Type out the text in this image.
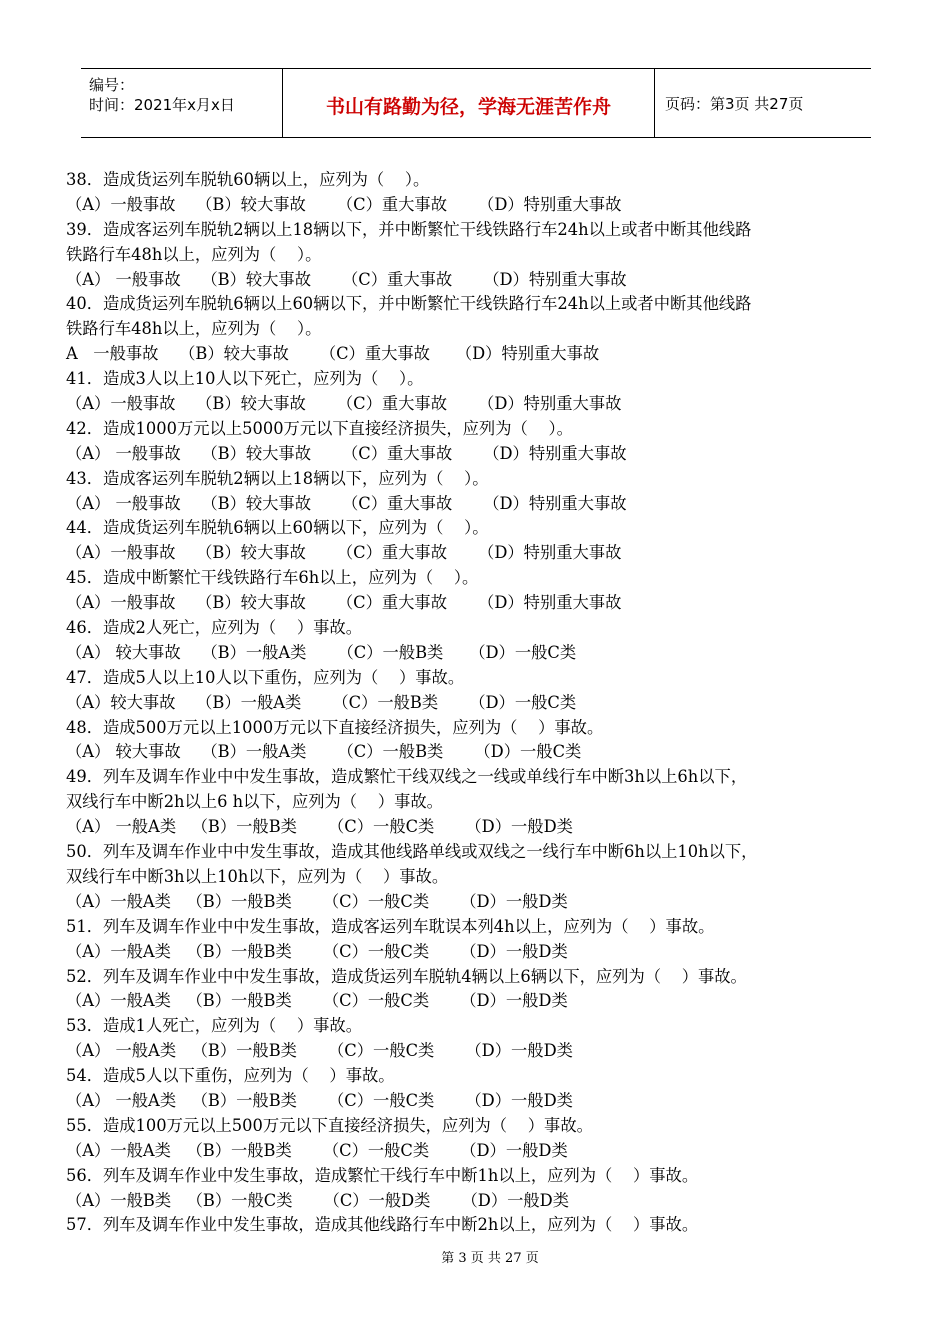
编号：
时间：2021年x月x日	书山有路勤为径，学海无涯苦作舟	页码：第3页 共27页
38．造成货运列车脱轨60辆以上，应列为（    ）。
（A）一般事故    （B）较大事故      （C）重大事故      （D）特别重大事故
39．造成客运列车脱轨2辆以上18辆以下，并中断繁忙干线铁路行车24h以上或者中断其他线路
铁路行车48h以上，应列为（    ）。
（A） 一般事故    （B）较大事故      （C）重大事故      （D）特别重大事故
40．造成货运列车脱轨6辆以上60辆以下，并中断繁忙干线铁路行车24h以上或者中断其他线路
铁路行车48h以上，应列为（    ）。
A   一般事故    （B）较大事故      （C）重大事故     （D）特别重大事故
41．造成3人以上10人以下死亡，应列为（    ）。
（A）一般事故    （B）较大事故      （C）重大事故      （D）特别重大事故
42．造成1000万元以上5000万元以下直接经济损失，应列为（    ）。
（A） 一般事故    （B）较大事故      （C）重大事故      （D）特别重大事故
43．造成客运列车脱轨2辆以上18辆以下，应列为（    ）。
（A） 一般事故    （B）较大事故      （C）重大事故      （D）特别重大事故
44．造成货运列车脱轨6辆以上60辆以下，应列为（    ）。
（A）一般事故    （B）较大事故      （C）重大事故      （D）特别重大事故
45．造成中断繁忙干线铁路行车6h以上，应列为（    ）。
（A）一般事故    （B）较大事故      （C）重大事故      （D）特别重大事故
46．造成2人死亡，应列为（    ）事故。
（A） 较大事故    （B）一般A类      （C）一般B类     （D）一般C类
47．造成5人以上10人以下重伤，应列为（    ）事故。
（A）较大事故    （B）一般A类      （C）一般B类      （D）一般C类
48．造成500万元以上1000万元以下直接经济损失，应列为（    ）事故。
（A） 较大事故    （B）一般A类      （C）一般B类      （D）一般C类
49．列车及调车作业中中发生事故，造成繁忙干线双线之一线或单线行车中断3h以上6h以下，
双线行车中断2h以上6 h以下，应列为（    ）事故。
（A） 一般A类   （B）一般B类      （C）一般C类      （D）一般D类
50．列车及调车作业中中发生事故，造成其他线路单线或双线之一线行车中断6h以上10h以下，
双线行车中断3h以上10h以下，应列为（    ）事故。
（A）一般A类   （B）一般B类      （C）一般C类      （D）一般D类
51．列车及调车作业中中发生事故，造成客运列车耽误本列4h以上，应列为（    ）事故。
（A）一般A类   （B）一般B类      （C）一般C类      （D）一般D类
52．列车及调车作业中中发生事故，造成货运列车脱轨4辆以上6辆以下，应列为（    ）事故。
（A）一般A类   （B）一般B类      （C）一般C类      （D）一般D类
53．造成1人死亡，应列为（    ）事故。
（A） 一般A类   （B）一般B类      （C）一般C类      （D）一般D类
54．造成5人以下重伤，应列为（    ）事故。
（A） 一般A类   （B）一般B类      （C）一般C类      （D）一般D类
55．造成100万元以上500万元以下直接经济损失，应列为（    ）事故。
（A）一般A类   （B）一般B类      （C）一般C类      （D）一般D类
56．列车及调车作业中发生事故，造成繁忙干线行车中断1h以上，应列为（    ）事故。
（A）一般B类   （B）一般C类      （C）一般D类      （D）一般D类
57．列车及调车作业中发生事故，造成其他线路行车中断2h以上，应列为（    ）事故。
第 3 页 共 27 页
